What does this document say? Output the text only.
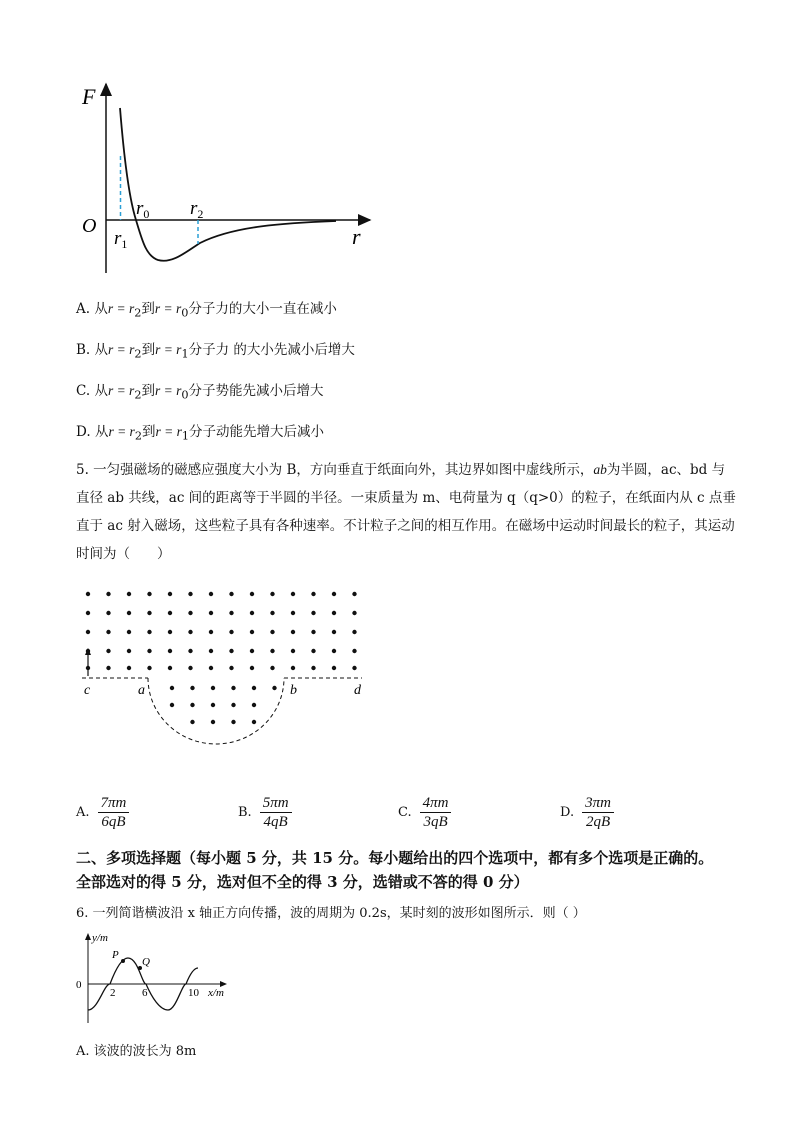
F
r
O
$r_0$
$r_1$
$r_2$
A. 从$r = r_2$到$r = r_0$分子力的大小一直在减小
B. 从$r = r_2$到$r = r_1$分子力 的大小先减小后增大
C. 从$r = r_2$到$r = r_0$分子势能先减小后增大
D. 从$r = r_2$到$r = r_1$分子动能先增大后减小
5. 一匀强磁场的磁感应强度大小为 B，方向垂直于纸面向外，其边界如图中虚线所示，ab为半圆，ac、bd 与直径 ab 共线，ac 间的距离等于半圆的半径。一束质量为 m、电荷量为 q（q>0）的粒子，在纸面内从 c 点垂直于 ac 射入磁场，这些粒子具有各种速率。不计粒子之间的相互作用。在磁场中运动时间最长的粒子，其运动时间为（　　）
c	a	b	d
A. $\frac{7\pi m}{6qB}$	B. $\frac{5\pi m}{4qB}$	C. $\frac{4\pi m}{3qB}$	D. $\frac{3\pi m}{2qB}$
二、多项选择题（每小题 5 分，共 15 分。每小题给出的四个选项中，都有多个选项是正确的。
全部选对的得 5 分，选对但不全的得 3 分，选错或不答的得 0 分）
6. 一列简谐横波沿 x 轴正方向传播，波的周期为 0.2s，某时刻的波形如图所示．则（ ）
y/m
x/m
0
2 6	10
P
Q
A. 该波的波长为 8m
